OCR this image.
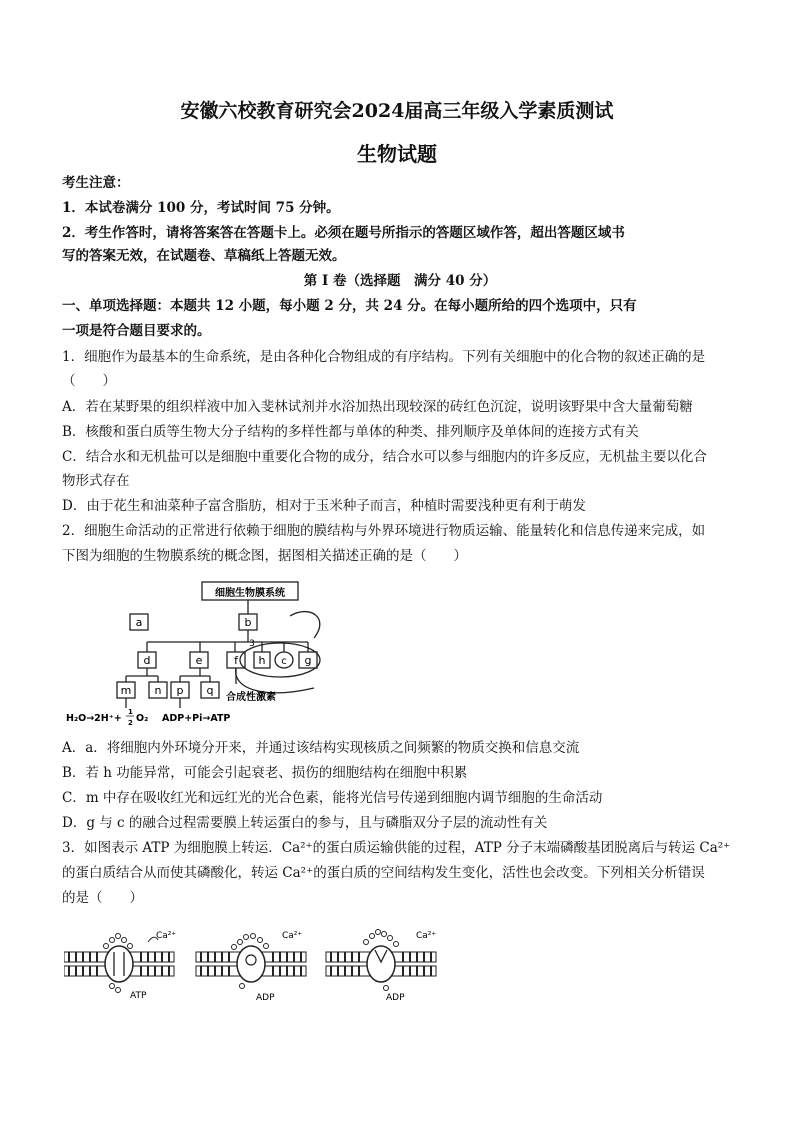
安徽六校教育研究会2024届高三年级入学素质测试
生物试题
考生注意：
1．本试卷满分 100 分，考试时间 75 分钟。
2．考生作答时，请将答案答在答题卡上。必须在题号所指示的答题区域作答，超出答题区域书
写的答案无效，在试题卷、草稿纸上答题无效。
第 I 卷（选择题　满分 40 分）
一、单项选择题：本题共 12 小题，每小题 2 分，共 24 分。在每小题所给的四个选项中，只有
一项是符合题目要求的。
1．细胞作为最基本的生命系统，是由各种化合物组成的有序结构。下列有关细胞中的化合物的叙述正确的是
（　　）
A．若在某野果的组织样液中加入斐林试剂并水浴加热出现较深的砖红色沉淀，说明该野果中含大量葡萄糖
B．核酸和蛋白质等生物大分子结构的多样性都与单体的种类、排列顺序及单体间的连接方式有关
C．结合水和无机盐可以是细胞中重要化合物的成分，结合水可以参与细胞内的许多反应，无机盐主要以化合
物形式存在
D．由于花生和油菜种子富含脂肪，相对于玉米种子而言，种植时需要浅种更有利于萌发
2．细胞生命活动的正常进行依赖于细胞的膜结构与外界环境进行物质运输、能量转化和信息传递来完成，如
下图为细胞的生物膜系统的概念图，据图相关描述正确的是（　　）
细胞生物膜系统
a	b
d	e	f h c g
3
m n p q
合成性激素
H₂O→2H⁺+
1
2 O₂ ADP+Pi→ATP
A．a．将细胞内外环境分开来，并通过该结构实现核质之间频繁的物质交换和信息交流
B．若 h 功能异常，可能会引起衰老、损伤的细胞结构在细胞中积累
C．m 中存在吸收红光和远红光的光合色素，能将光信号传递到细胞内调节细胞的生命活动
D．g 与 c 的融合过程需要膜上转运蛋白的参与，且与磷脂双分子层的流动性有关
3．如图表示 ATP 为细胞膜上转运．Ca²⁺的蛋白质运输供能的过程，ATP 分子末端磷酸基团脱离后与转运 Ca²⁺
的蛋白质结合从而使其磷酸化，转运 Ca²⁺的蛋白质的空间结构发生变化，活性也会改变。下列相关分析错误
的是（　　）
Ca²⁺
ATP
Ca²⁺
ADP
Ca²⁺
ADP
